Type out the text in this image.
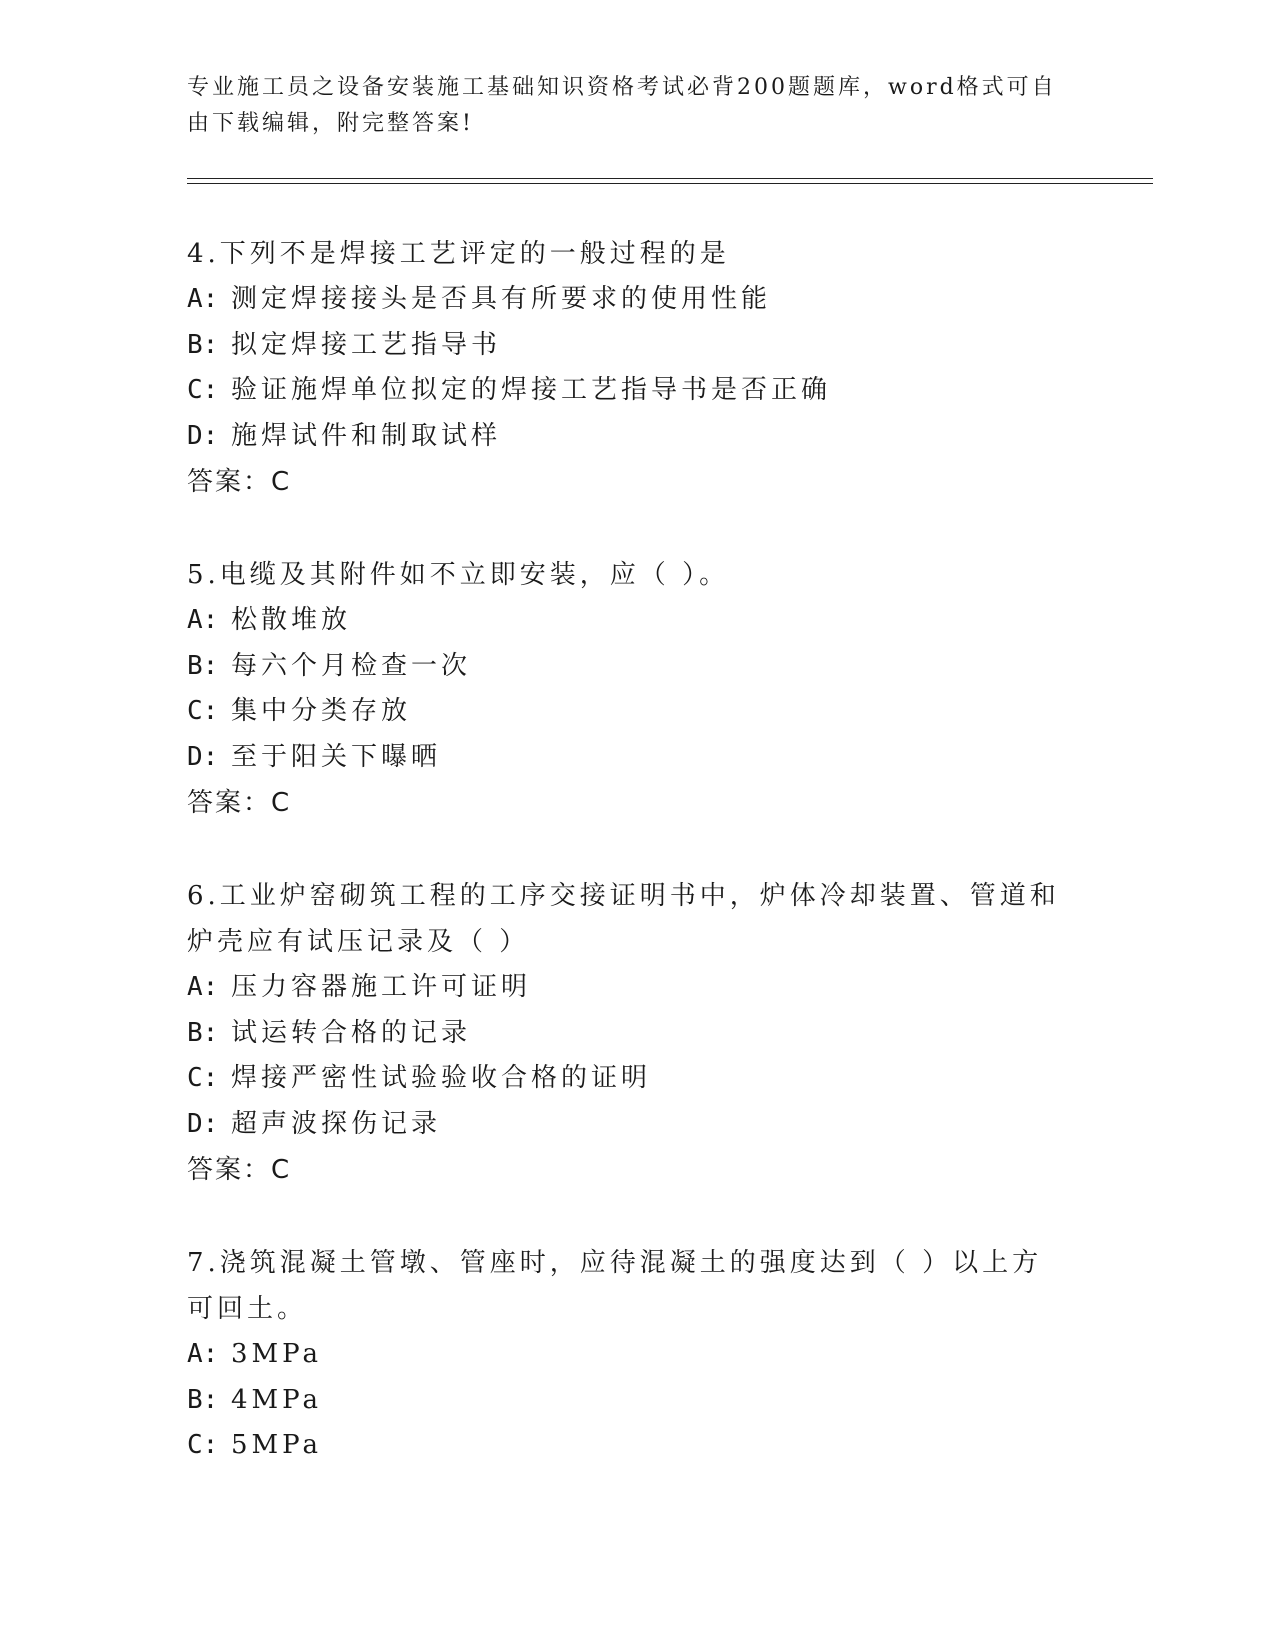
专业施工员之设备安装施工基础知识资格考试必背200题题库，word格式可自由下载编辑，附完整答案!
4.下列不是焊接工艺评定的一般过程的是
A: 测定焊接接头是否具有所要求的使用性能
B: 拟定焊接工艺指导书
C: 验证施焊单位拟定的焊接工艺指导书是否正确
D: 施焊试件和制取试样
答案：C
5.电缆及其附件如不立即安装，应（ ）。
A: 松散堆放
B: 每六个月检查一次
C: 集中分类存放
D: 至于阳关下曝晒
答案：C
6.工业炉窑砌筑工程的工序交接证明书中，炉体冷却装置、管道和炉壳应有试压记录及（ ）
A: 压力容器施工许可证明
B: 试运转合格的记录
C: 焊接严密性试验验收合格的证明
D: 超声波探伤记录
答案：C
7.浇筑混凝土管墩、管座时，应待混凝土的强度达到（ ）以上方可回土。
A: 3MPa
B: 4MPa
C: 5MPa
